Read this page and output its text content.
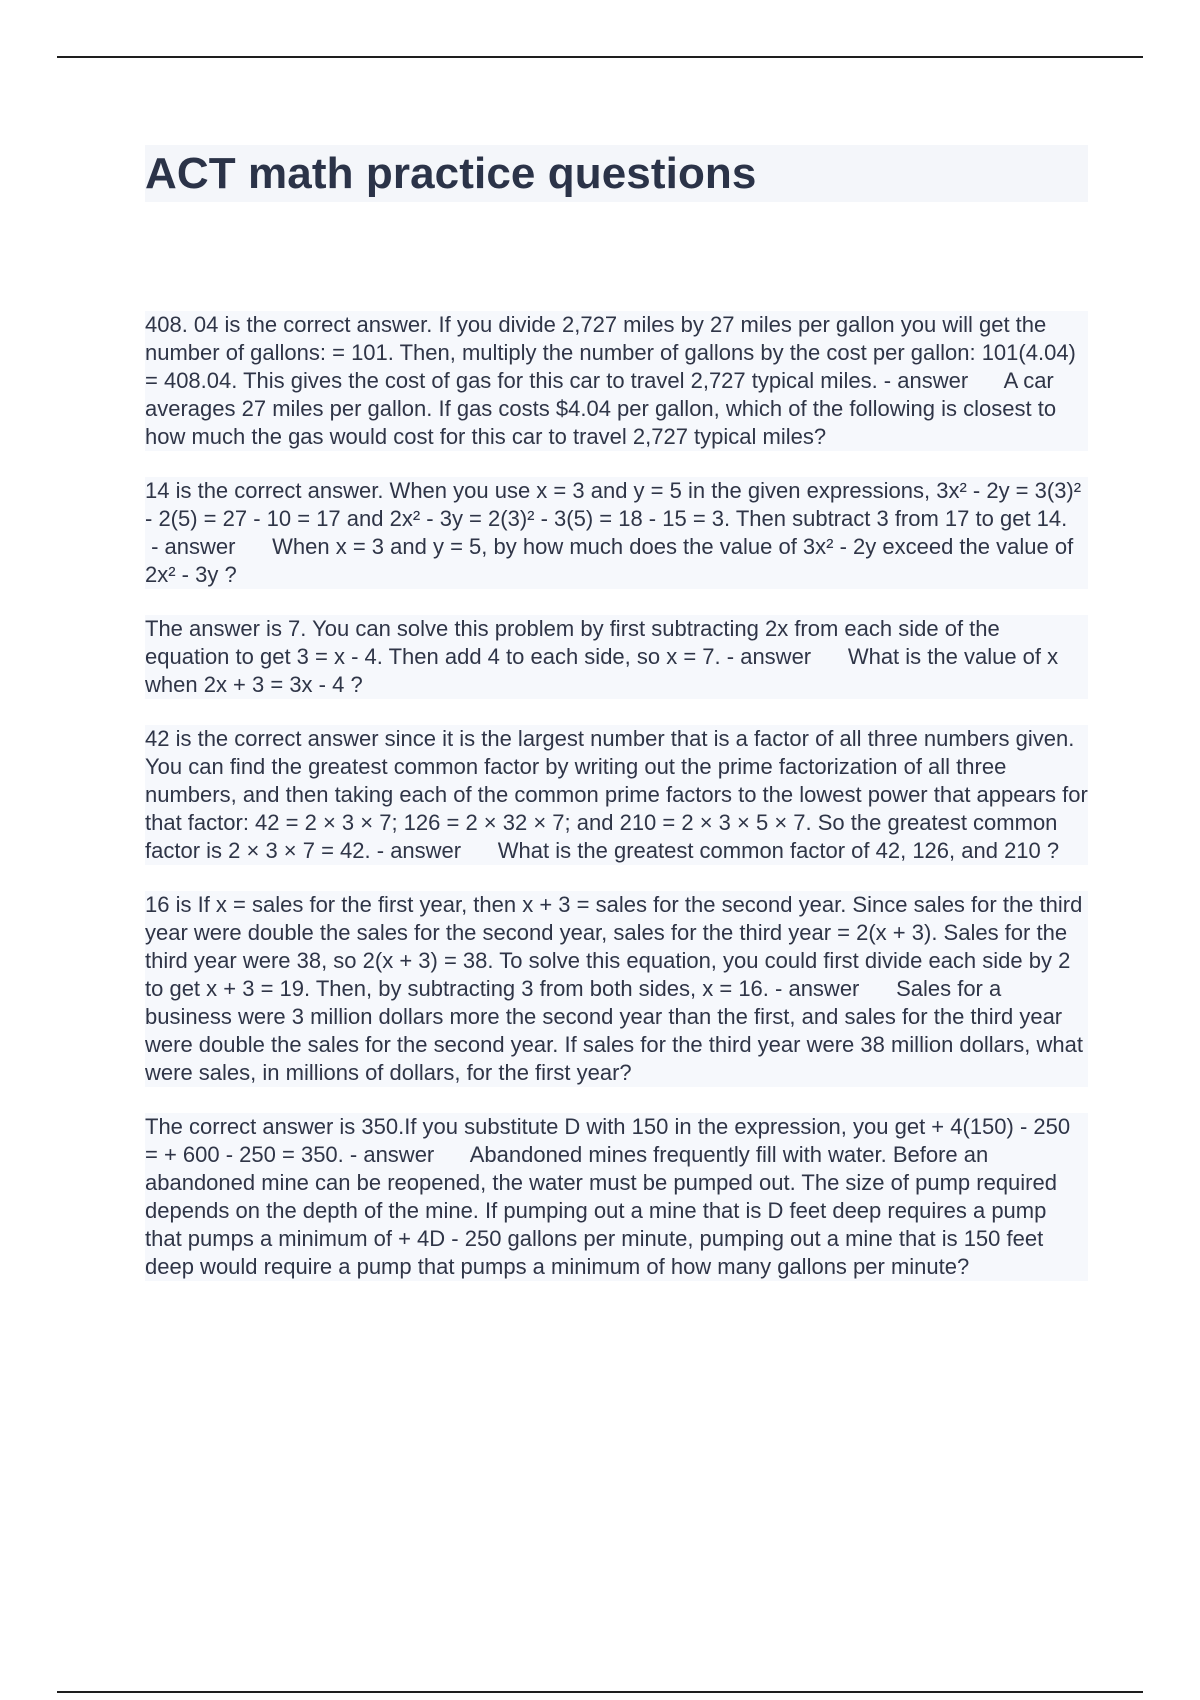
ACT math practice questions

408. 04 is the correct answer. If you divide 2,727 miles by 27 miles per gallon you will get the number of gallons: = 101. Then, multiply the number of gallons by the cost per gallon: 101(4.04) = 408.04. This gives the cost of gas for this car to travel 2,727 typical miles. - answer      A car averages 27 miles per gallon. If gas costs $4.04 per gallon, which of the following is closest to how much the gas would cost for this car to travel 2,727 typical miles?

14 is the correct answer. When you use x = 3 and y = 5 in the given expressions, 3x² - 2y = 3(3)² - 2(5) = 27 - 10 = 17 and 2x² - 3y = 2(3)² - 3(5) = 18 - 15 = 3. Then subtract 3 from 17 to get 14. - answer      When x = 3 and y = 5, by how much does the value of 3x² - 2y exceed the value of 2x² - 3y ?

The answer is 7. You can solve this problem by first subtracting 2x from each side of the equation to get 3 = x - 4. Then add 4 to each side, so x = 7. - answer      What is the value of x when 2x + 3 = 3x - 4 ?

42 is the correct answer since it is the largest number that is a factor of all three numbers given. You can find the greatest common factor by writing out the prime factorization of all three numbers, and then taking each of the common prime factors to the lowest power that appears for that factor: 42 = 2 × 3 × 7; 126 = 2 × 32 × 7; and 210 = 2 × 3 × 5 × 7. So the greatest common factor is 2 × 3 × 7 = 42. - answer      What is the greatest common factor of 42, 126, and 210 ?

16 is If x = sales for the first year, then x + 3 = sales for the second year. Since sales for the third year were double the sales for the second year, sales for the third year = 2(x + 3). Sales for the third year were 38, so 2(x + 3) = 38. To solve this equation, you could first divide each side by 2 to get x + 3 = 19. Then, by subtracting 3 from both sides, x = 16. - answer      Sales for a business were 3 million dollars more the second year than the first, and sales for the third year were double the sales for the second year. If sales for the third year were 38 million dollars, what were sales, in millions of dollars, for the first year?

The correct answer is 350.If you substitute D with 150 in the expression, you get + 4(150) - 250 = + 600 - 250 = 350. - answer      Abandoned mines frequently fill with water. Before an abandoned mine can be reopened, the water must be pumped out. The size of pump required depends on the depth of the mine. If pumping out a mine that is D feet deep requires a pump that pumps a minimum of + 4D - 250 gallons per minute, pumping out a mine that is 150 feet deep would require a pump that pumps a minimum of how many gallons per minute?
